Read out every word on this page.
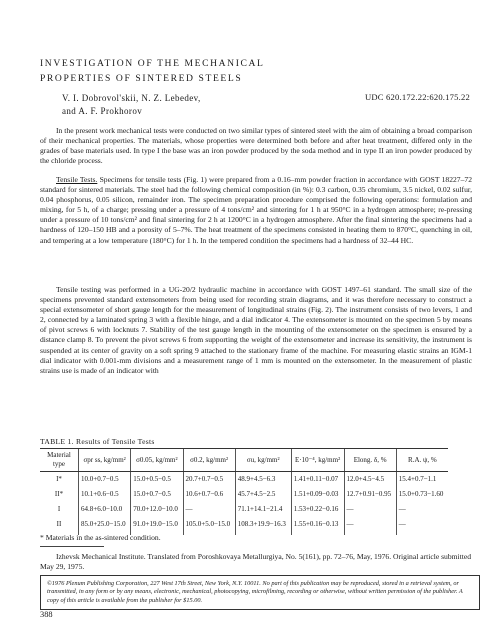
INVESTIGATION OF THE MECHANICAL
PROPERTIES OF SINTERED STEELS
V. I. Dobrovol'skii, N. Z. Lebedev,
and A. F. Prokhorov
UDC 620.172.22:620.175.22

In the present work mechanical tests were conducted on two similar types of sintered steel with the aim of obtaining a broad comparison of their mechanical properties. The materials, whose properties were determined both before and after heat treatment, differed only in the grades of base materials used. In type I the base was an iron powder produced by the soda method and in type II an iron powder produced by the chloride process.

Tensile Tests. Specimens for tensile tests (Fig. 1) were prepared from a 0.16–mm powder fraction in accordance with GOST 18227–72 standard for sintered materials. The steel had the following chemical composition (in %): 0.3 carbon, 0.35 chromium, 3.5 nickel, 0.02 sulfur, 0.04 phosphorus, 0.05 silicon, remainder iron. The specimen preparation procedure comprised the following operations: formulation and mixing, for 5 h, of a charge; pressing under a pressure of 4 tons/cm² and sintering for 1 h at 950°C in a hydrogen atmosphere; re-pressing under a pressure of 10 tons/cm² and final sintering for 2 h at 1200°C in a hydrogen atmosphere. After the final sintering the specimens had a hardness of 120–150 HB and a porosity of 5–7%. The heat treatment of the specimens consisted in heating them to 870°C, quenching in oil, and tempering at a low temperature (180°C) for 1 h. In the tempered condition the specimens had a hardness of 32–44 HC.

Tensile testing was performed in a UG-20/2 hydraulic machine in accordance with GOST 1497–61 standard. The small size of the specimens prevented standard extensometers from being used for recording strain diagrams, and it was therefore necessary to construct a special extensometer of short gauge length for the measurement of longitudinal strains (Fig. 2). The instrument consists of two levers, 1 and 2, connected by a laminated spring 3 with a flexible hinge, and a dial indicator 4. The extensometer is mounted on the specimen 5 by means of pivot screws 6 with locknuts 7. Stability of the test gauge length in the mounting of the extensometer on the specimen is ensured by a distance clamp 8. To prevent the pivot screws 6 from supporting the weight of the extensometer and increase its sensitivity, the instrument is suspended at its center of gravity on a soft spring 9 attached to the stationary frame of the machine. For measuring elastic strains an IGM-1 dial indicator with 0.001-mm divisions and a measurement range of 1 mm is mounted on the extensometer. In the measurement of plastic strains use is made of an indicator with

TABLE 1. Results of Tensile Tests
Material type	σpr ss, kg/mm²	σ0.05, kg/mm²	σ0.2, kg/mm²	σu, kg/mm²	E·10⁻⁴, kg/mm²	Elong. δ, %	R.A. ψ, %
I*	10.0+0.7−0.5	15.0+0.5−0.5	20.7+0.7−0.5	48.9+4.5−6.3	1.41+0.11−0.07	12.0+4.5−4.5	15.4+0.7−1.1
II*	10.1+0.6−0.5	15.0+0.7−0.5	10.6+0.7−0.6	45.7+4.5−2.5	1.51+0.09−0.03	12.7+0.91−0.95	15.0+0.73−1.60
I	64.8+6.0−10.0	70.0+12.0−10.0	—	71.1+14.1−21.4	1.53+0.22−0.16	—	—
II	85.0+25.0−15.0	91.0+19.0−15.0	105.0+5.0−15.0	108.3+19.9−16.3	1.55+0.16−0.13	—	—
* Materials in the as-sintered condition.

Izhevsk Mechanical Institute. Translated from Poroshkovaya Metallurgiya, No. 5(161), pp. 72–76, May, 1976. Original article submitted May 29, 1975.

©1976 Plenum Publishing Corporation, 227 West 17th Street, New York, N.Y. 10011. No part of this publication may be reproduced, stored in a retrieval system, or transmitted, in any form or by any means, electronic, mechanical, photocopying, microfilming, recording or otherwise, without written permission of the publisher. A copy of this article is available from the publisher for $15.00.
388
